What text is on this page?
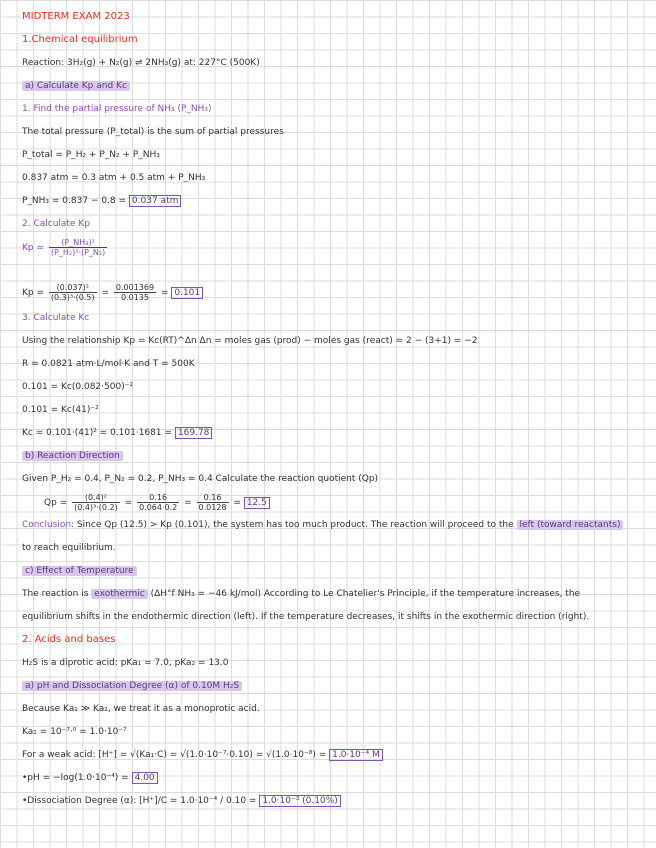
MIDTERM EXAM 2023
1.Chemical equilibrium
Reaction: 3H₂(g) + N₂(g) ⇌ 2NH₃(g) at: 227°C (500K)
a) Calculate Kp and Kc
1. Find the partial pressure of NH₃ (P_NH₃)
The total pressure (P_total) is the sum of partial pressures
P_total = P_H₂ + P_N₂ + P_NH₃
0.837 atm = 0.3 atm + 0.5 atm + P_NH₃
P_NH₃ = 0.837 − 0.8 = 0.037 atm
2. Calculate Kp
$Kp = \frac{\text{(P\_NH₃)²}}{\text{(P\_H₂)³·(P\_N₂)}}$
$Kp = \frac{\text{(0.037)²}}{\text{(0.3)³·(0.5)}} = \frac{0.001369}{0.0135} = 0.101$
3. Calculate Kc
Using the relationship Kp = Kc(RT)^Δn Δn = moles gas (prod) − moles gas (react) = 2 − (3+1) = −2
R = 0.0821 atm·L/mol·K and T = 500K
0.101 = Kc(0.082·500)⁻²
0.101 = Kc(41)⁻²
Kc = 0.101·(41)² = 0.101·1681 = 169.78
b) Reaction Direction
Given P_H₂ = 0.4, P_N₂ = 0.2, P_NH₃ = 0.4 Calculate the reaction quotient (Qp)
$Qp = \frac{\text{(0.4)²}}{\text{(0.4)³·(0.2)}} = \frac{0.16}{0.064\cdot 0.2} = \frac{0.16}{0.0128} = 12.5$
Conclusion: Since Qp (12.5) > Kp (0.101), the system has too much product. The reaction will proceed to the left (toward reactants)
to reach equilibrium.
c) Effect of Temperature
The reaction is exothermic (ΔH°f NH₃ = −46 kJ/mol) According to Le Chatelier's Principle, if the temperature increases, the
equilibrium shifts in the endothermic direction (left). If the temperature decreases, it shifts in the exothermic direction (right).
2. Acids and bases
H₂S is a diprotic acid: pKa₁ = 7.0, pKa₂ = 13.0
a) pH and Dissociation Degree (α) of 0.10M H₂S
Because Ka₁ ≫ Ka₂, we treat it as a monoprotic acid.
Ka₁ = 10⁻⁷·⁰ = 1.0·10⁻⁷
For a weak acid: [H⁺] = √(Ka₁·C) = √(1.0·10⁻⁷·0.10) = √(1.0·10⁻⁸) = 1.0·10⁻⁴ M
•pH = −log(1.0·10⁻⁴) = 4.00
•Dissociation Degree (α): [H⁺]/C = 1.0·10⁻⁴ / 0.10 = 1.0·10⁻³ (0.10%)
